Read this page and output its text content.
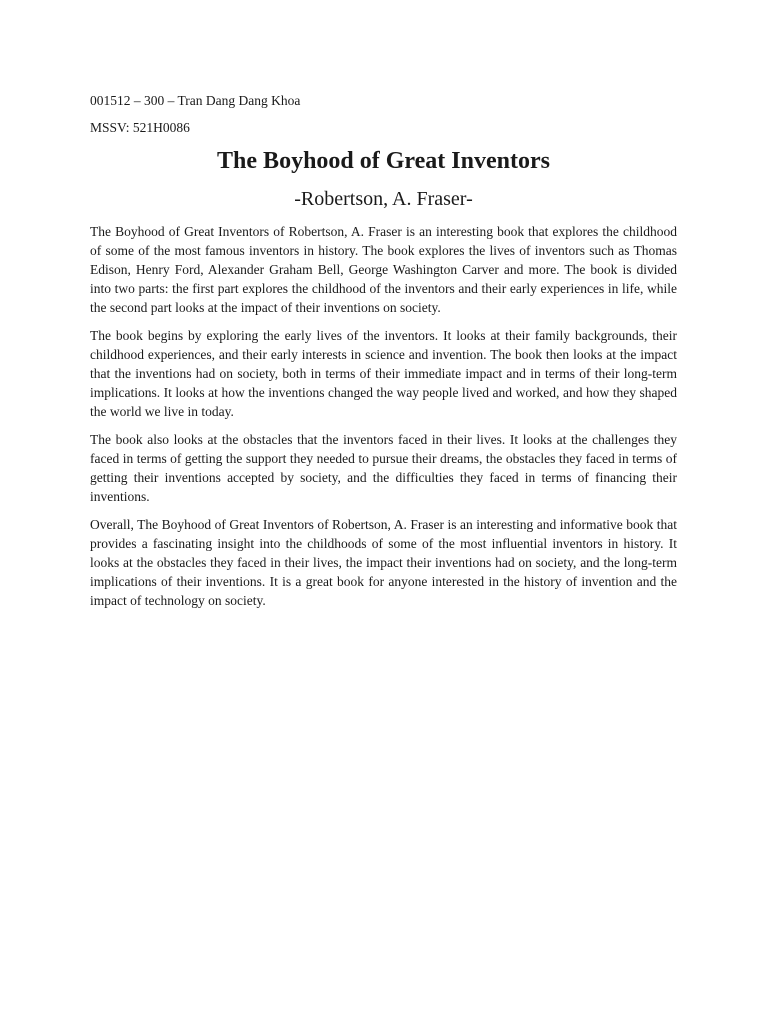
001512 – 300 – Tran Dang Dang Khoa

MSSV: 521H0086

The Boyhood of Great Inventors

-Robertson, A. Fraser-

The Boyhood of Great Inventors of Robertson, A. Fraser is an interesting book that explores the childhood of some of the most famous inventors in history. The book explores the lives of inventors such as Thomas Edison, Henry Ford, Alexander Graham Bell, George Washington Carver and more. The book is divided into two parts: the first part explores the childhood of the inventors and their early experiences in life, while the second part looks at the impact of their inventions on society.

The book begins by exploring the early lives of the inventors. It looks at their family backgrounds, their childhood experiences, and their early interests in science and invention. The book then looks at the impact that the inventions had on society, both in terms of their immediate impact and in terms of their long-term implications. It looks at how the inventions changed the way people lived and worked, and how they shaped the world we live in today.

The book also looks at the obstacles that the inventors faced in their lives. It looks at the challenges they faced in terms of getting the support they needed to pursue their dreams, the obstacles they faced in terms of getting their inventions accepted by society, and the difficulties they faced in terms of financing their inventions.

Overall, The Boyhood of Great Inventors of Robertson, A. Fraser is an interesting and informative book that provides a fascinating insight into the childhoods of some of the most influential inventors in history. It looks at the obstacles they faced in their lives, the impact their inventions had on society, and the long-term implications of their inventions. It is a great book for anyone interested in the history of invention and the impact of technology on society.
